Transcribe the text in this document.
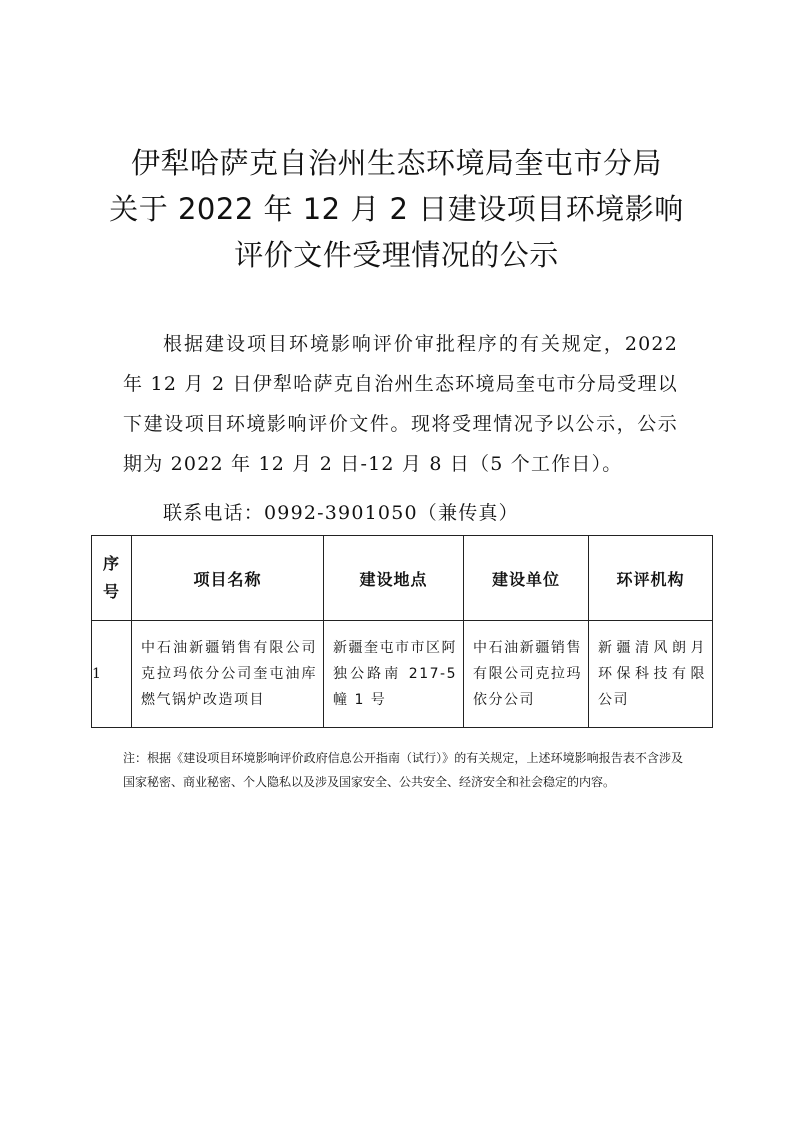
伊犁哈萨克自治州生态环境局奎屯市分局
关于 2022 年 12 月 2 日建设项目环境影响
评价文件受理情况的公示
根据建设项目环境影响评价审批程序的有关规定，2022 年 12 月 2 日伊犁哈萨克自治州生态环境局奎屯市分局受理以下建设项目环境影响评价文件。现将受理情况予以公示，公示期为 2022 年 12 月 2 日-12 月 8 日（5 个工作日）。
联系电话：0992-3901050（兼传真）
序号	项目名称	建设地点	建设单位	环评机构
1	中石油新疆销售有限公司克拉玛依分公司奎屯油库燃气锅炉改造项目	新疆奎屯市市区阿独公路南 217-5 幢 1 号	中石油新疆销售有限公司克拉玛依分公司	新疆清风朗月环保科技有限公司
注：根据《建设项目环境影响评价政府信息公开指南（试行）》的有关规定，上述环境影响报告表不含涉及国家秘密、商业秘密、个人隐私以及涉及国家安全、公共安全、经济安全和社会稳定的内容。
